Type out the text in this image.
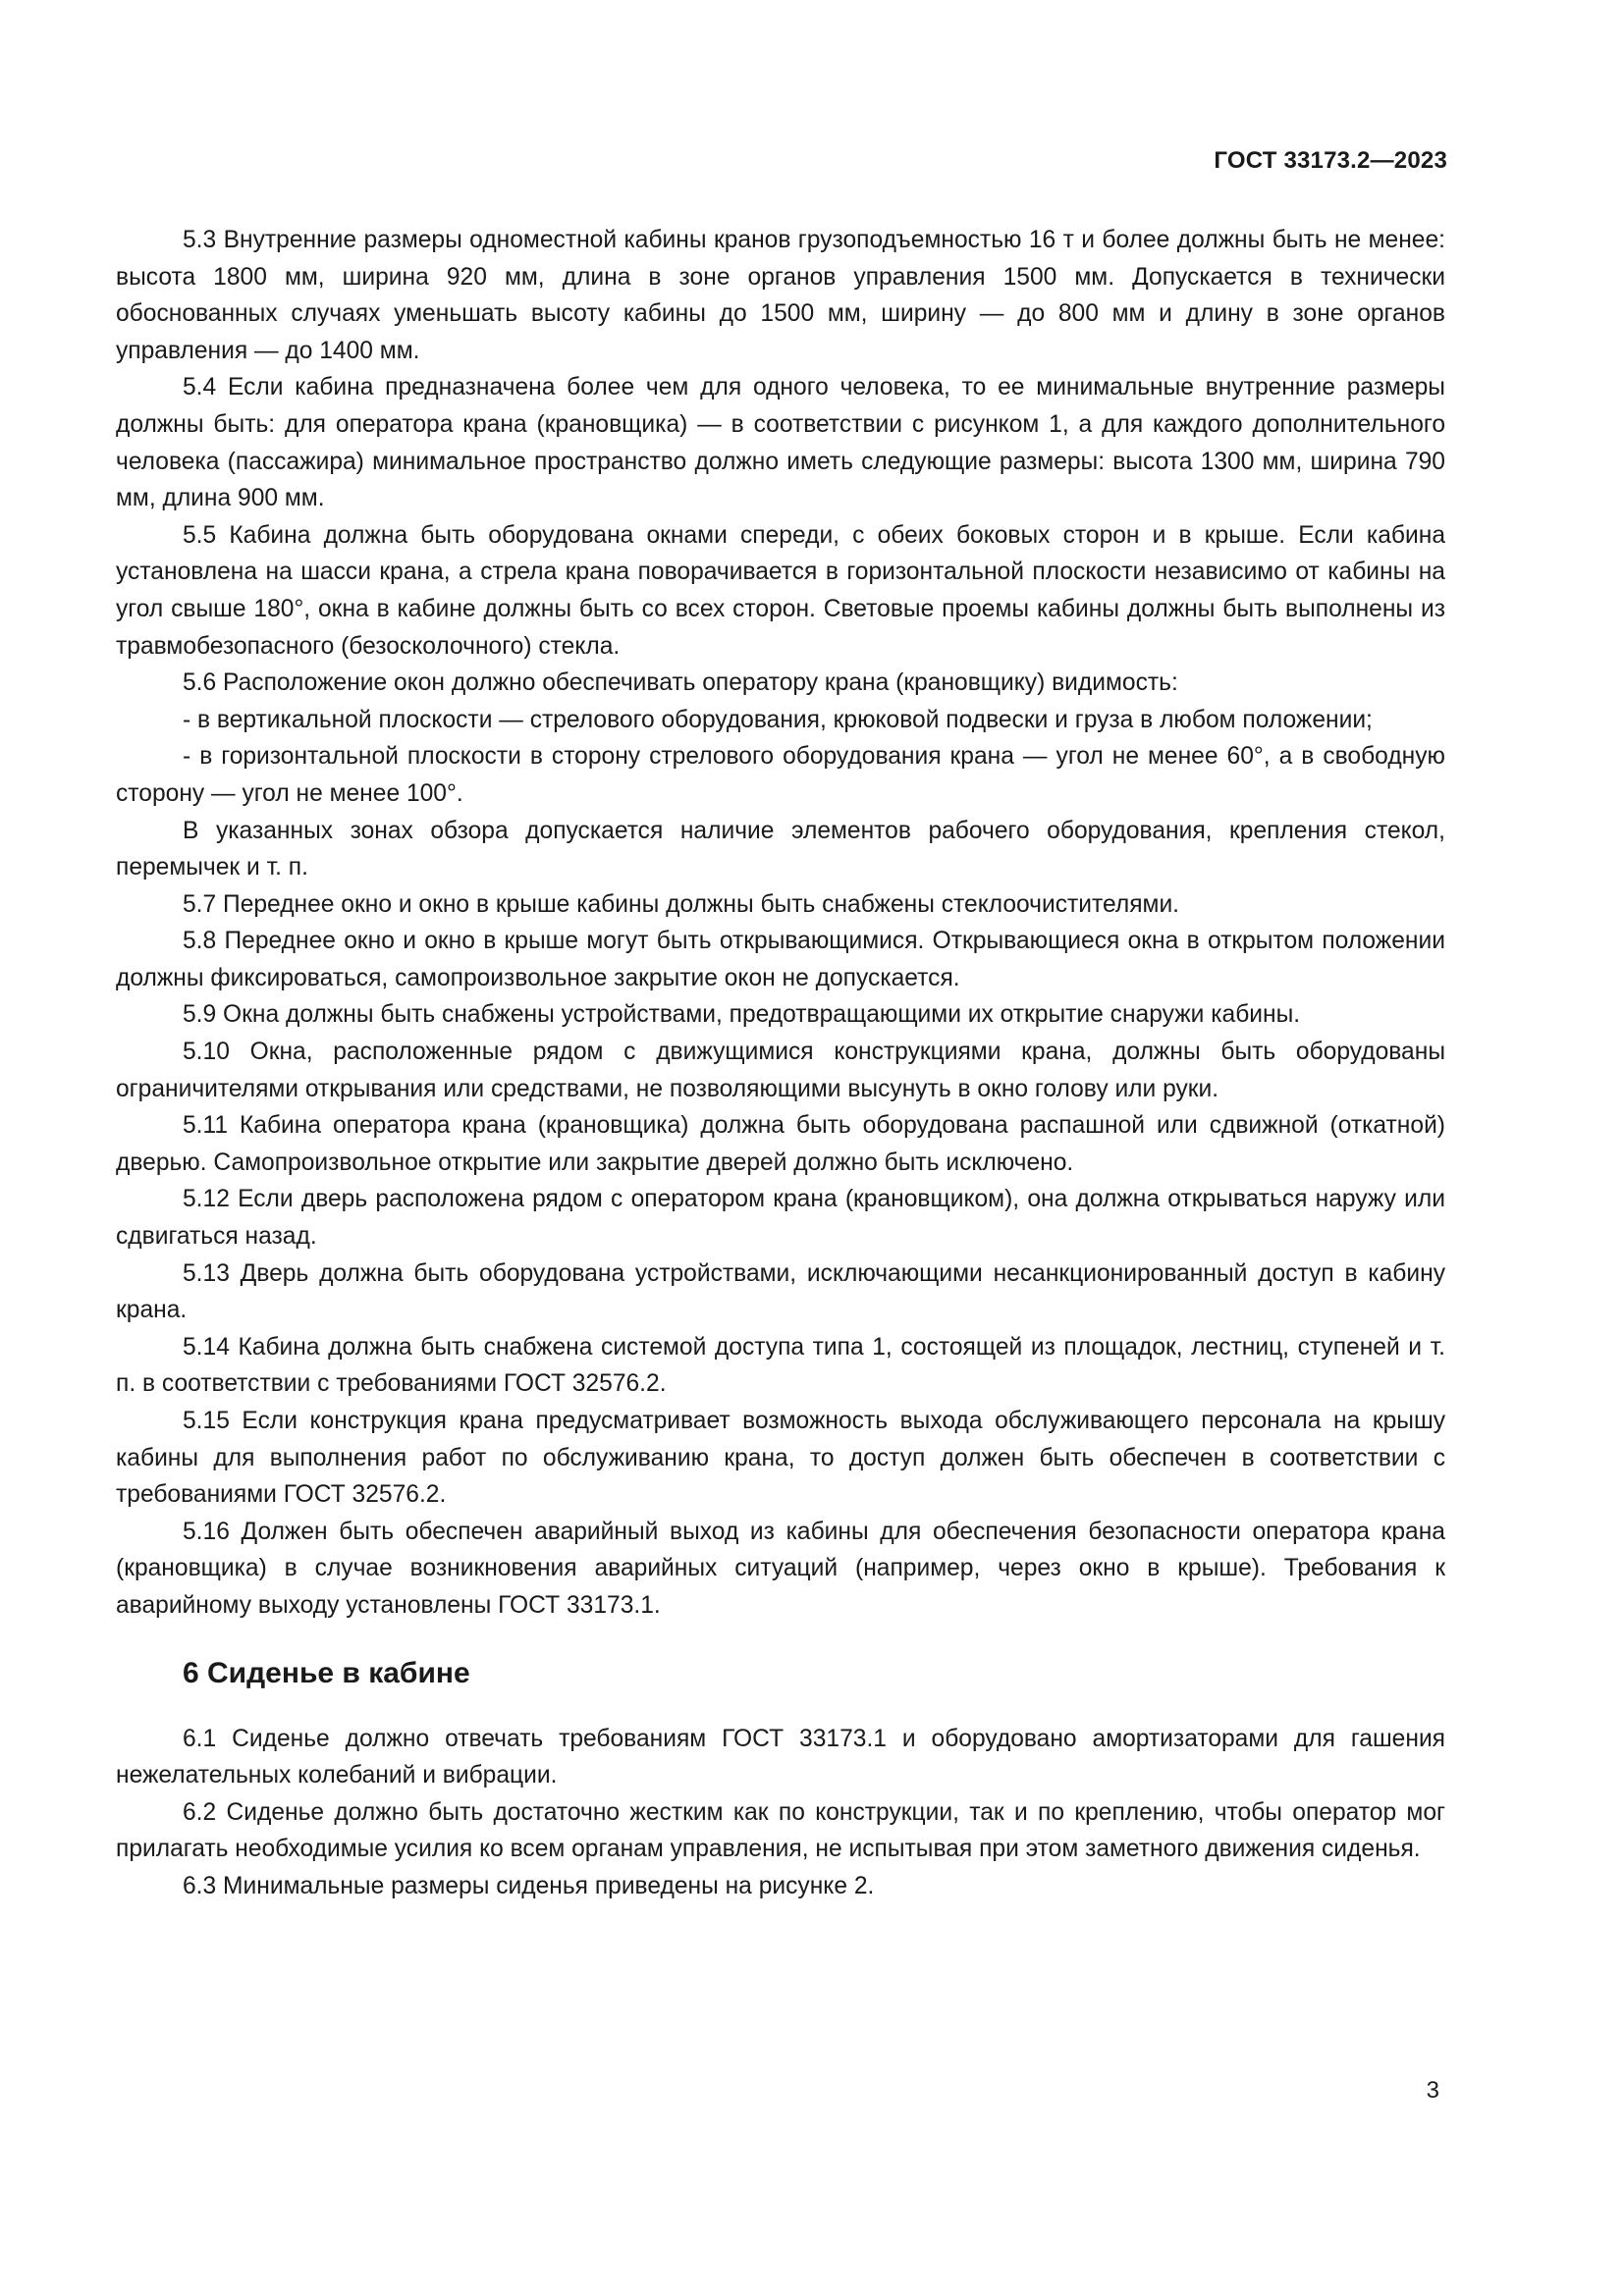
ГОСТ 33173.2—2023

5.3 Внутренние размеры одноместной кабины кранов грузоподъемностью 16 т и более должны быть не менее: высота 1800 мм, ширина 920 мм, длина в зоне органов управления 1500 мм. Допускается в технически обоснованных случаях уменьшать высоту кабины до 1500 мм, ширину — до 800 мм и длину в зоне органов управления — до 1400 мм.

5.4 Если кабина предназначена более чем для одного человека, то ее минимальные внутренние размеры должны быть: для оператора крана (крановщика) — в соответствии с рисунком 1, а для каждого дополнительного человека (пассажира) минимальное пространство должно иметь следующие размеры: высота 1300 мм, ширина 790 мм, длина 900 мм.

5.5 Кабина должна быть оборудована окнами спереди, с обеих боковых сторон и в крыше. Если кабина установлена на шасси крана, а стрела крана поворачивается в горизонтальной плоскости независимо от кабины на угол свыше 180°, окна в кабине должны быть со всех сторон. Световые проемы кабины должны быть выполнены из травмобезопасного (безосколочного) стекла.

5.6 Расположение окон должно обеспечивать оператору крана (крановщику) видимость:

- в вертикальной плоскости — стрелового оборудования, крюковой подвески и груза в любом положении;

- в горизонтальной плоскости в сторону стрелового оборудования крана — угол не менее 60°, а в свободную сторону — угол не менее 100°.

В указанных зонах обзора допускается наличие элементов рабочего оборудования, крепления стекол, перемычек и т. п.

5.7 Переднее окно и окно в крыше кабины должны быть снабжены стеклоочистителями.

5.8 Переднее окно и окно в крыше могут быть открывающимися. Открывающиеся окна в открытом положении должны фиксироваться, самопроизвольное закрытие окон не допускается.

5.9 Окна должны быть снабжены устройствами, предотвращающими их открытие снаружи кабины.

5.10 Окна, расположенные рядом с движущимися конструкциями крана, должны быть оборудованы ограничителями открывания или средствами, не позволяющими высунуть в окно голову или руки.

5.11 Кабина оператора крана (крановщика) должна быть оборудована распашной или сдвижной (откатной) дверью. Самопроизвольное открытие или закрытие дверей должно быть исключено.

5.12 Если дверь расположена рядом с оператором крана (крановщиком), она должна открываться наружу или сдвигаться назад.

5.13 Дверь должна быть оборудована устройствами, исключающими несанкционированный доступ в кабину крана.

5.14 Кабина должна быть снабжена системой доступа типа 1, состоящей из площадок, лестниц, ступеней и т. п. в соответствии с требованиями ГОСТ 32576.2.

5.15 Если конструкция крана предусматривает возможность выхода обслуживающего персонала на крышу кабины для выполнения работ по обслуживанию крана, то доступ должен быть обеспечен в соответствии с требованиями ГОСТ 32576.2.

5.16 Должен быть обеспечен аварийный выход из кабины для обеспечения безопасности оператора крана (крановщика) в случае возникновения аварийных ситуаций (например, через окно в крыше). Требования к аварийному выходу установлены ГОСТ 33173.1.

6 Сиденье в кабине

6.1 Сиденье должно отвечать требованиям ГОСТ 33173.1 и оборудовано амортизаторами для гашения нежелательных колебаний и вибрации.

6.2 Сиденье должно быть достаточно жестким как по конструкции, так и по креплению, чтобы оператор мог прилагать необходимые усилия ко всем органам управления, не испытывая при этом заметного движения сиденья.

6.3 Минимальные размеры сиденья приведены на рисунке 2.

3
